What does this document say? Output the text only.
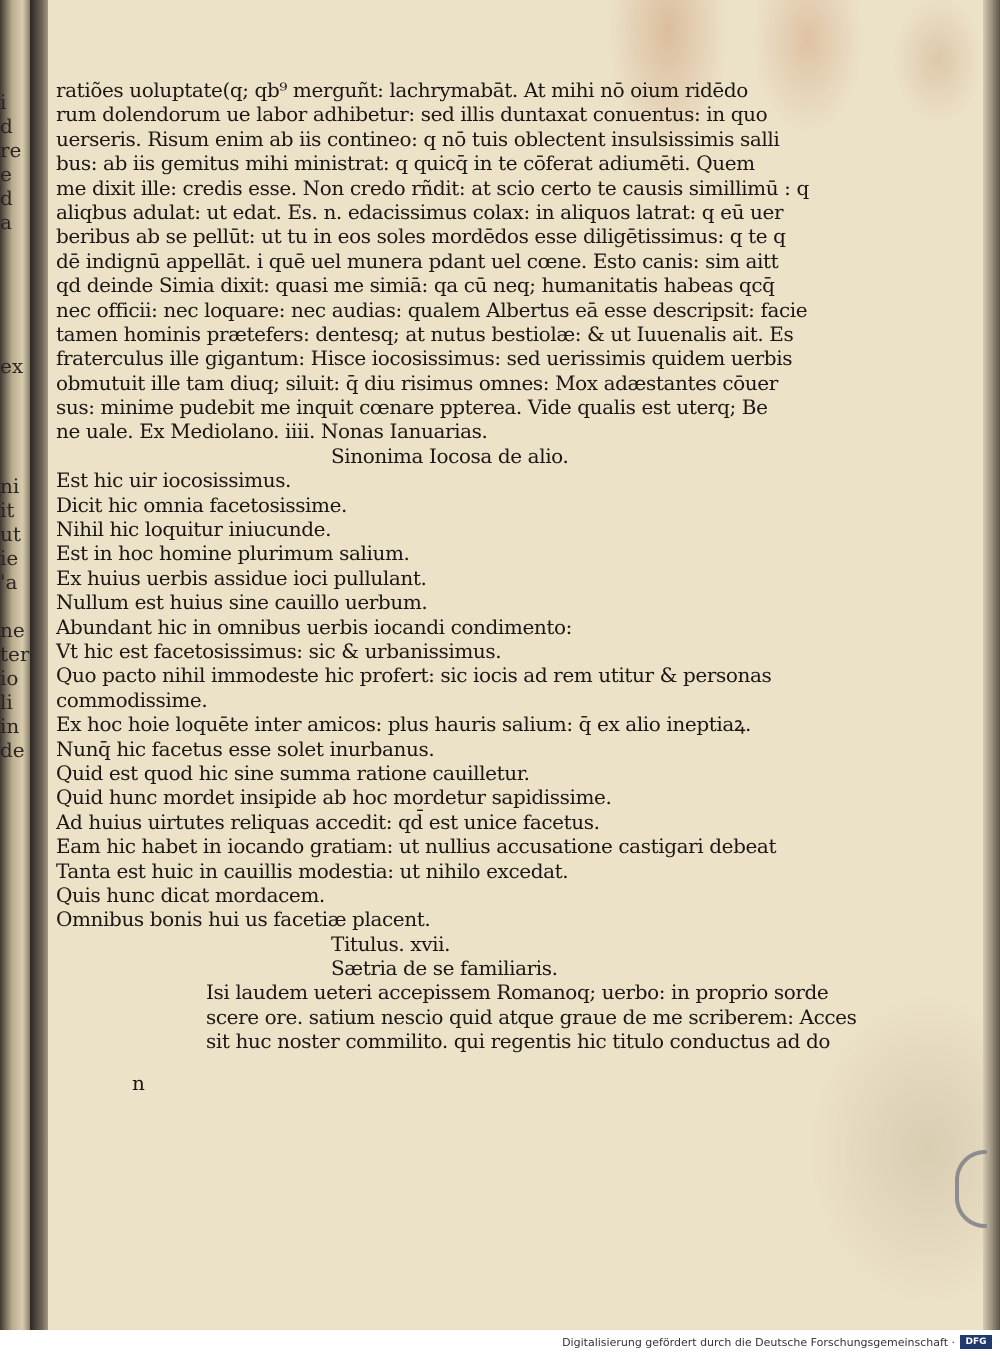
i
d
re
e
d
a

ex

ni
it
ut
ie
'a

ne
ter
io
li
in
de
ratiões uoluptate(q; qb⁹ merguñt: lachrymabāt. At mihi nō oium ridēdo
rum dolendorum ue labor adhibetur: sed illis duntaxat conuentus: in quo
uerseris. Risum enim ab iis contineo: q nō tuis oblectent insulsissimis salli
bus: ab iis gemitus mihi ministrat: q quicq̄ in te cōferat adiumēti. Quem
me dixit ille: credis esse. Non credo rñdit: at scio certo te causis simillimū : q
aliqbus adulat: ut edat. Es. n. edacissimus colax: in aliquos latrat: q eū uer
beribus ab se pellūt: ut tu in eos soles mordēdos esse diligētissimus: q te q
dē indignū appellāt. i quē uel munera pdant uel cœne. Esto canis: sim aitt
qd deinde Simia dixit: quasi me simiā: qa cū neq; humanitatis habeas qcq̄
nec officii: nec loquare: nec audias: qualem Albertus eā esse descripsit: facie
tamen hominis prætefers: dentesq; at nutus bestiolæ: & ut Iuuenalis ait. Es
fraterculus ille gigantum: Hisce iocosissimus: sed uerissimis quidem uerbis
obmutuit ille tam diuq; siluit: q̄ diu risimus omnes: Mox adæstantes cōuer
sus: minime pudebit me inquit cœnare ppterea. Vide qualis est uterq; Be
ne uale. Ex Mediolano. iiii. Nonas Ianuarias.
Sinonima Iocosa de alio.
Est hic uir iocosissimus.
Dicit hic omnia facetosissime.
Nihil hic loquitur iniucunde.
Est in hoc homine plurimum salium.
Ex huius uerbis assidue ioci pullulant.
Nullum est huius sine cauillo uerbum.
Abundant hic in omnibus uerbis iocandi condimento:
Vt hic est facetosissimus: sic & urbanissimus.
Quo pacto nihil immodeste hic profert: sic iocis ad rem utitur & personas
commodissime.
Ex hoc hoie loquēte inter amicos: plus hauris salium: q̄ ex alio ineptiaꝝ.
Nunq̄ hic facetus esse solet inurbanus.
Quid est quod hic sine summa ratione cauilletur.
Quid hunc mordet insipide ab hoc mordetur sapidissime.
Ad huius uirtutes reliquas accedit: qd̄ est unice facetus.
Eam hic habet in iocando gratiam: ut nullius accusatione castigari debeat
Tanta est huic in cauillis modestia: ut nihilo excedat.
Quis hunc dicat mordacem.
Omnibus bonis hui us facetiæ placent.
Titulus. xvii.
Sætria de se familiaris.
Isi laudem ueteri accepissem Romanoq; uerbo: in proprio sorde
scere ore. satium nescio quid atque graue de me scriberem: Acces
sit huc noster commilito. qui regentis hic titulo conductus ad do
n
Digitalisierung gefördert durch die Deutsche Forschungsgemeinschaft ·	DFG
